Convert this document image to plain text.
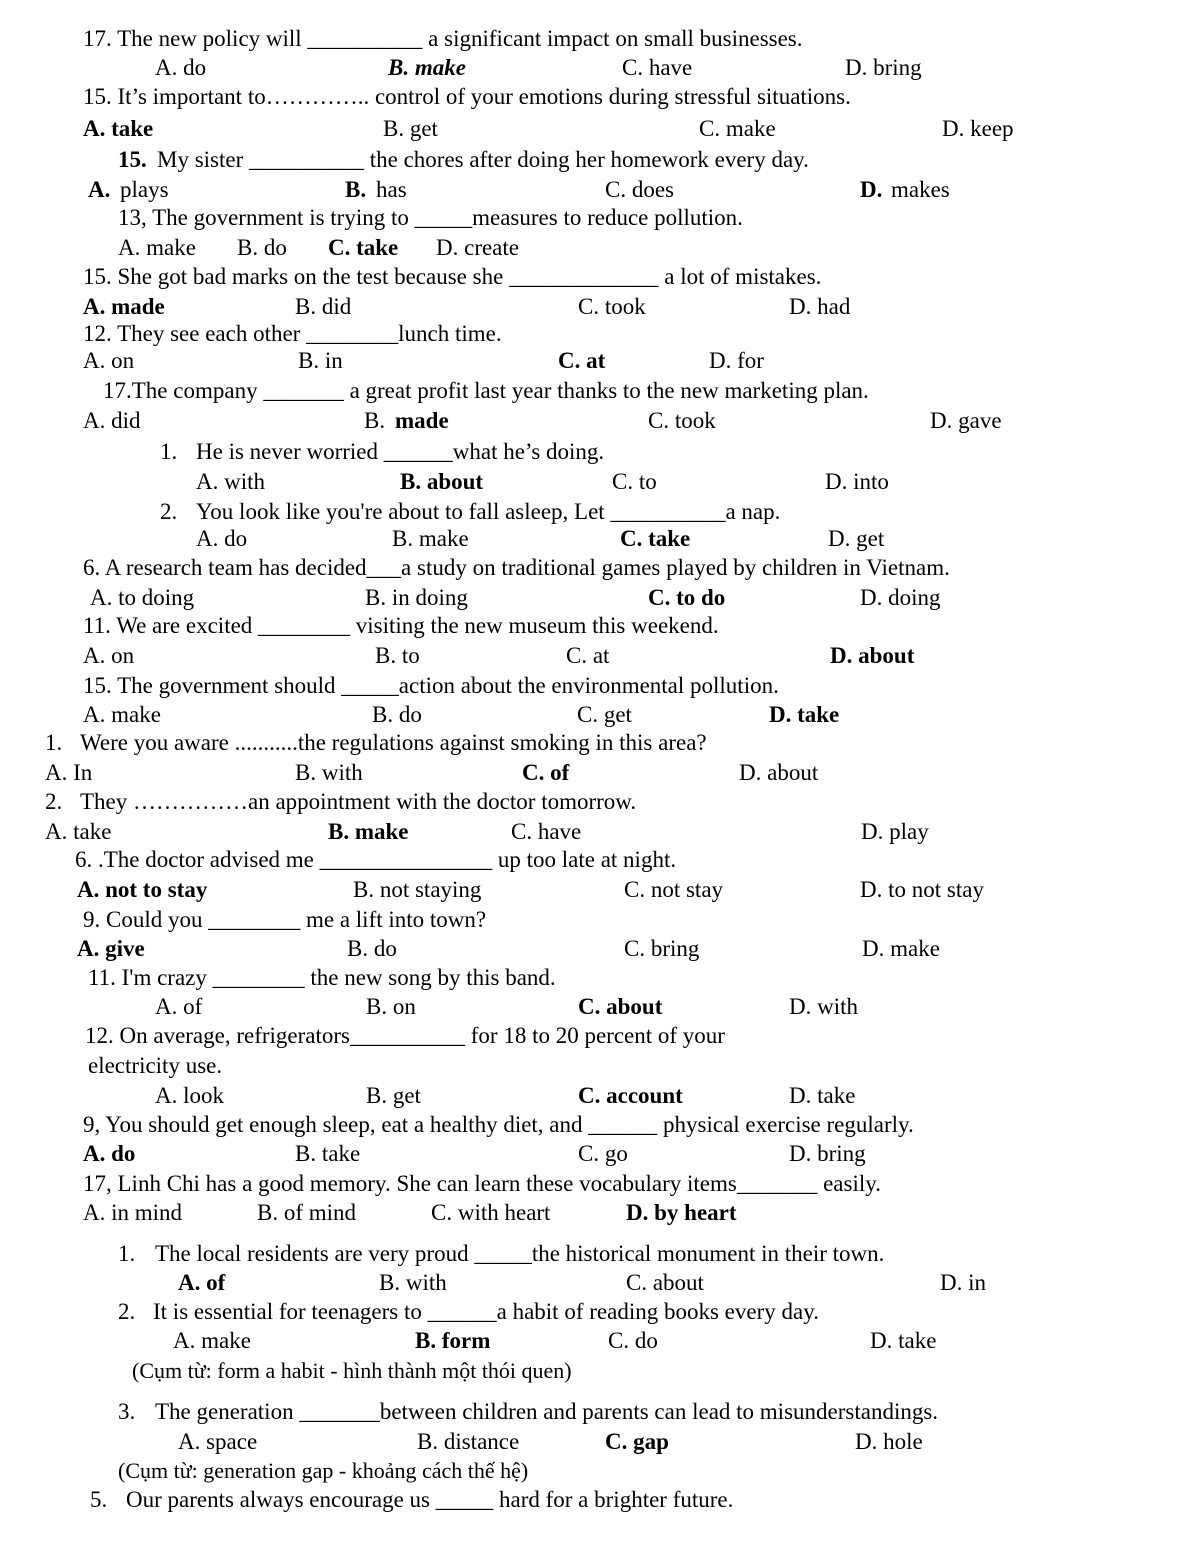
17. The new policy will __________ a significant impact on small businesses.
A. do	B. make	C. have	D. bring
15. It’s important to………….. control of your emotions during stressful situations.
A. take	B. get	C. make	D. keep
15. My sister __________ the chores after doing her homework every day.
A. plays	B. has	C. does	D. makes
13, The government is trying to _____measures to reduce pollution.
A. make B. do C. take D. create
15. She got bad marks on the test because she _____________ a lot of mistakes.
A. made	B. did	C. took	D. had
12. They see each other ________lunch time.
A. on	B. in	C. at	D. for
17.The company _______ a great profit last year thanks to the new marketing plan.
A. did	B. made	C. took	D. gave
1. He is never worried ______what he’s doing.
A. with	B. about	C. to	D. into
2. You look like you're about to fall asleep, Let __________a nap.
A. do	B. make	C. take	D. get
6. A research team has decided___a study on traditional games played by children in Vietnam.
A. to doing	B. in doing	C. to do	D. doing
11. We are excited ________ visiting the new museum this weekend.
A. on	B. to	C. at	D. about
15. The government should _____action about the environmental pollution.
A. make	B. do	C. get	D. take
1. Were you aware ...........the regulations against smoking in this area?
A. In	B. with	C. of	D. about
2. They ……………an appointment with the doctor tomorrow.
A. take	B. make	C. have	D. play
6. .The doctor advised me _______________ up too late at night.
A. not to stay	B. not staying	C. not stay	D. to not stay
9. Could you ________ me a lift into town?
A. give	B. do	C. bring	D. make
11. I'm crazy ________ the new song by this band.
A. of	B. on	C. about	D. with
12. On average, refrigerators__________ for 18 to 20 percent of your
electricity use.
A. look	B. get	C. account	D. take
9, You should get enough sleep, eat a healthy diet, and ______ physical exercise regularly.
A. do	B. take	C. go	D. bring
17, Linh Chi has a good memory. She can learn these vocabulary items_______ easily.
A. in mind	B. of mind	C. with heart	D. by heart
1. The local residents are very proud _____the historical monument in their town.
A. of	B. with	C. about	D. in
2. It is essential for teenagers to ______a habit of reading books every day.
A. make	B. form	C. do	D. take
(Cụm từ: form a habit - hình thành một thói quen)
3. The generation _______between children and parents can lead to misunderstandings.
A. space	B. distance	C. gap	D. hole
(Cụm từ: generation gap - khoảng cách thế hệ)
5. Our parents always encourage us _____ hard for a brighter future.
